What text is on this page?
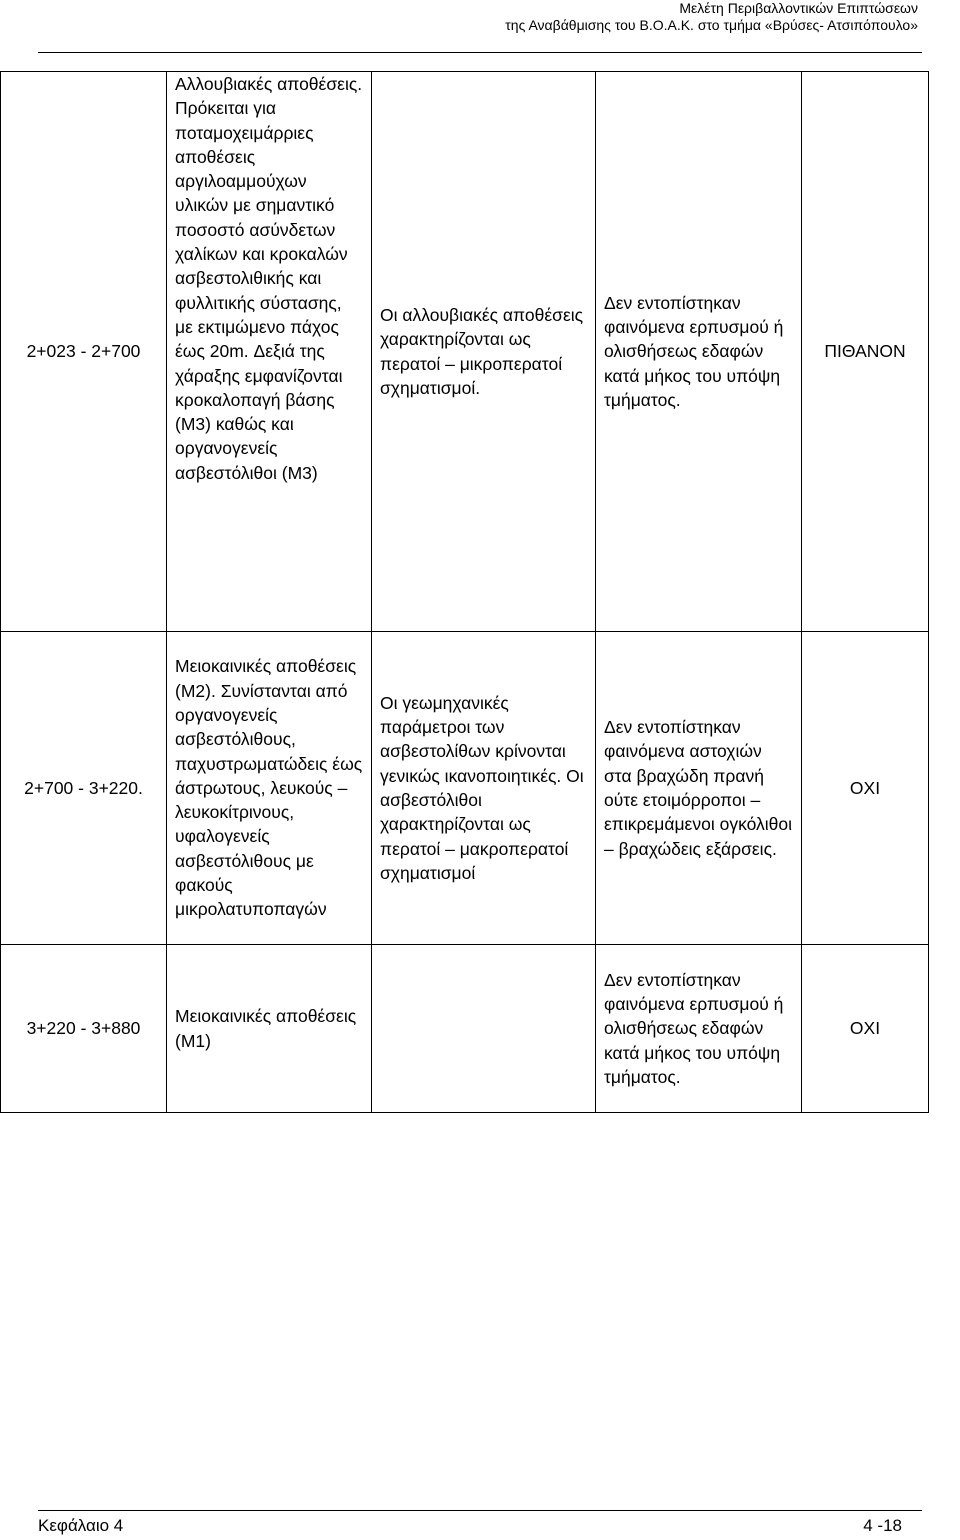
Μελέτη Περιβαλλοντικών Επιπτώσεων
της Αναβάθμισης του Β.Ο.Α.Κ. στο τμήμα «Βρύσες- Ατσιπόπουλο»
2+023 - 2+700	Αλλουβιακές αποθέσεις. Πρόκειται για ποταμοχειμάρριες αποθέσεις αργιλοαμμούχων υλικών με σημαντικό ποσοστό ασύνδετων χαλίκων και κροκαλών ασβεστολιθικής και φυλλιτικής σύστασης, με εκτιμώμενο πάχος έως 20m. Δεξιά της χάραξης εμφανίζονται κροκαλοπαγή βάσης (Μ3) καθώς και οργανογενείς ασβεστόλιθοι (Μ3)	Οι αλλουβιακές αποθέσεις χαρακτηρίζονται ως περατοί – μικροπερατοί σχηματισμοί.	Δεν εντοπίστηκαν φαινόμενα ερπυσμού ή ολισθήσεως εδαφών κατά μήκος του υπόψη τμήματος.	ΠΙΘΑΝΟΝ
2+700 - 3+220.	Μειοκαινικές αποθέσεις (Μ2). Συνίστανται από οργανογενείς ασβεστόλιθους, παχυστρωματώδεις έως άστρωτους, λευκούς – λευκοκίτρινους, υφαλογενείς ασβεστόλιθους με φακούς μικρολατυποπαγών	Οι γεωμηχανικές παράμετροι των ασβεστολίθων κρίνονται γενικώς ικανοποιητικές. Οι ασβεστόλιθοι χαρακτηρίζονται ως περατοί – μακροπερατοί σχηματισμοί	Δεν εντοπίστηκαν φαινόμενα αστοχιών στα βραχώδη πρανή ούτε ετοιμόρροποι – επικρεμάμενοι ογκόλιθοι – βραχώδεις εξάρσεις.	ΟΧΙ
3+220 - 3+880	Μειοκαινικές αποθέσεις (Μ1)		Δεν εντοπίστηκαν φαινόμενα ερπυσμού ή ολισθήσεως εδαφών κατά μήκος του υπόψη τμήματος.	ΟΧΙ
Κεφάλαιο 4	4 -18
